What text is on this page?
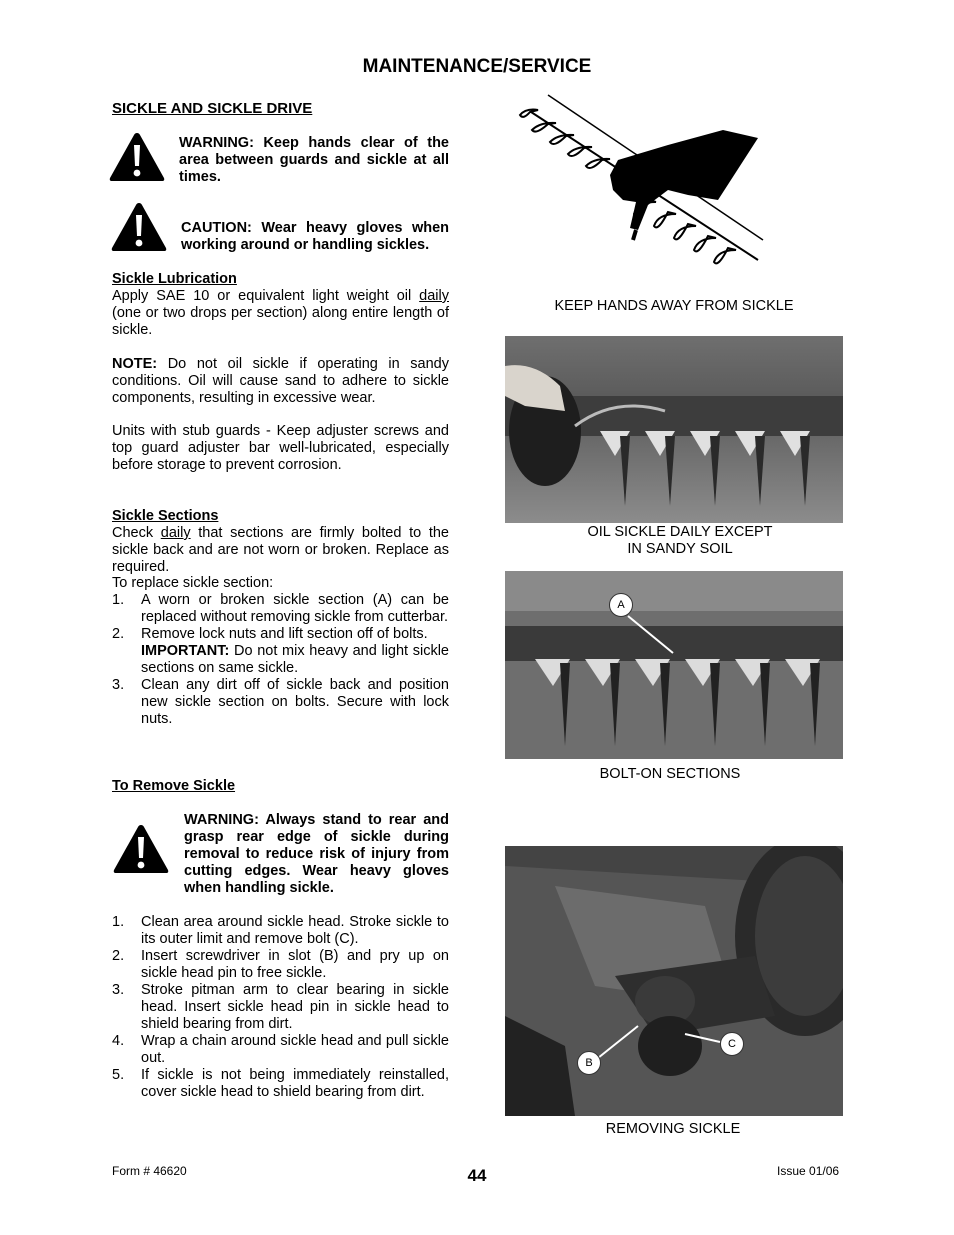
MAINTENANCE/SERVICE
SICKLE AND SICKLE DRIVE
WARNING: Keep hands clear of the area between guards and sickle at all times.
CAUTION: Wear heavy gloves when working around or handling sickles.
Sickle Lubrication
Apply SAE 10 or equivalent light weight oil daily (one or two drops per section) along entire length of sickle.
NOTE: Do not oil sickle if operating in sandy conditions. Oil will cause sand to adhere to sickle components, resulting in excessive wear.
Units with stub guards - Keep adjuster screws and top guard adjuster bar well-lubricated, especially before storage to prevent corrosion.
Sickle Sections
Check daily that sections are firmly bolted to the sickle back and are not worn or broken. Replace as required.
To replace sickle section:
1. A worn or broken sickle section (A) can be replaced without removing sickle from cutterbar.
2. Remove lock nuts and lift section off of bolts.
IMPORTANT: Do not mix heavy and light sickle sections on same sickle.
3. Clean any dirt off of sickle back and position new sickle section on bolts. Secure with lock nuts.
To Remove Sickle
WARNING: Always stand to rear and grasp rear edge of sickle during removal to reduce risk of injury from cutting edges. Wear heavy gloves when handling sickle.
1. Clean area around sickle head. Stroke sickle to its outer limit and remove bolt (C).
2. Insert screwdriver in slot (B) and pry up on sickle head pin to free sickle.
3. Stroke pitman arm to clear bearing in sickle head. Insert sickle head pin in sickle head to shield bearing from dirt.
4. Wrap a chain around sickle head and pull sickle out.
5. If sickle is not being immediately reinstalled, cover sickle head to shield bearing from dirt.
KEEP HANDS AWAY FROM SICKLE
OIL SICKLE DAILY EXCEPT
IN SANDY SOIL
A
BOLT-ON SECTIONS
B
C
REMOVING SICKLE
Form # 46620	44	Issue 01/06
